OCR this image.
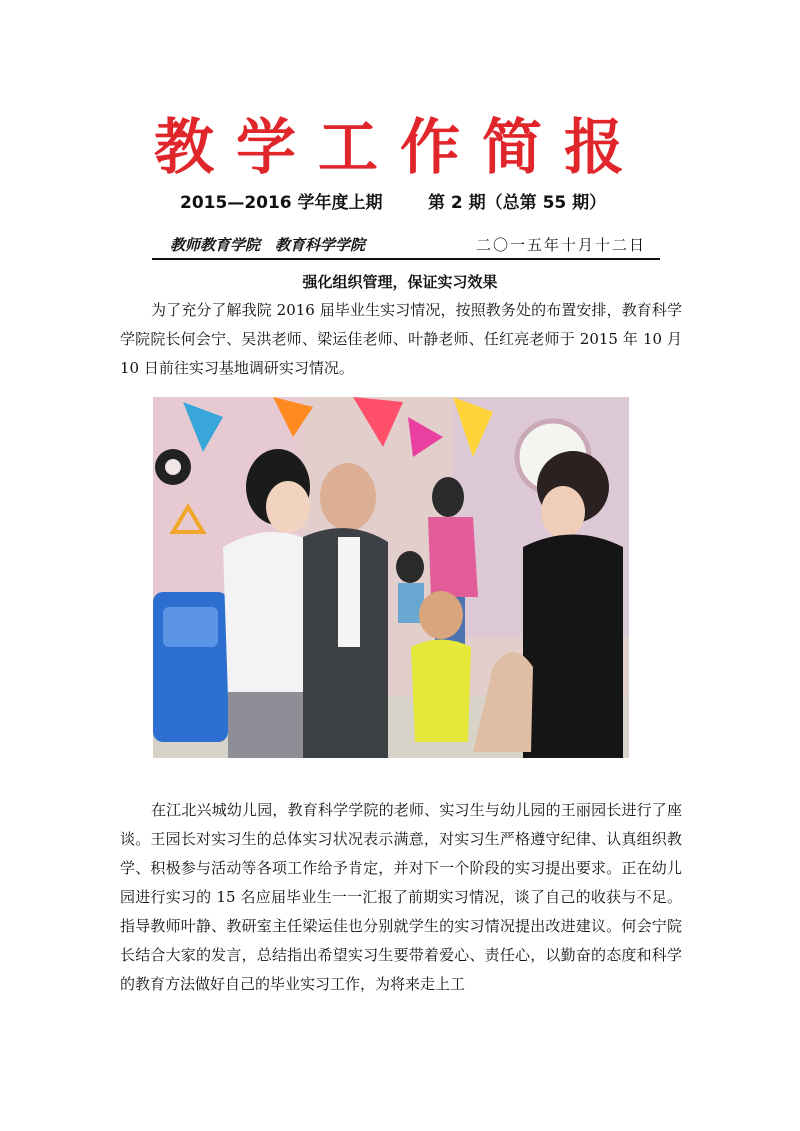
教学工作简报
2015—2016 学年度上期	第 2 期（总第 55 期）
教师教育学院　教育科学学院	二〇一五年十月十二日
强化组织管理，保证实习效果
为了充分了解我院 2016 届毕业生实习情况，按照教务处的布置安排，教育科学学院院长何会宁、吴洪老师、梁运佳老师、叶静老师、任红亮老师于 2015 年 10 月 10 日前往实习基地调研实习情况。
在江北兴城幼儿园，教育科学学院的老师、实习生与幼儿园的王丽园长进行了座谈。王园长对实习生的总体实习状况表示满意，对实习生严格遵守纪律、认真组织教学、积极参与活动等各项工作给予肯定，并对下一个阶段的实习提出要求。正在幼儿园进行实习的 15 名应届毕业生一一汇报了前期实习情况，谈了自己的收获与不足。指导教师叶静、教研室主任梁运佳也分别就学生的实习情况提出改进建议。何会宁院长结合大家的发言，总结指出希望实习生要带着爱心、责任心，以勤奋的态度和科学的教育方法做好自己的毕业实习工作，为将来走上工
